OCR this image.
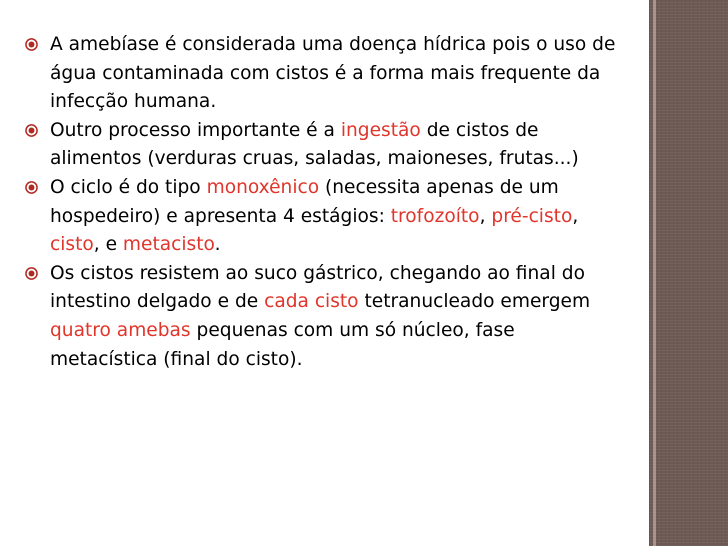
A amebíase é considerada uma doença hídrica pois o uso de água contaminada com cistos é a forma mais frequente da infecção humana.
Outro processo importante é a ingestão de cistos de alimentos (verduras cruas, saladas, maioneses, frutas...)
O ciclo é do tipo monoxênico (necessita apenas de um hospedeiro) e apresenta 4 estágios: trofozoíto, pré-cisto, cisto, e metacisto.
Os cistos resistem ao suco gástrico, chegando ao final do intestino delgado e de cada cisto tetranucleado emergem quatro amebas pequenas com um só núcleo, fase metacística (final do cisto).
